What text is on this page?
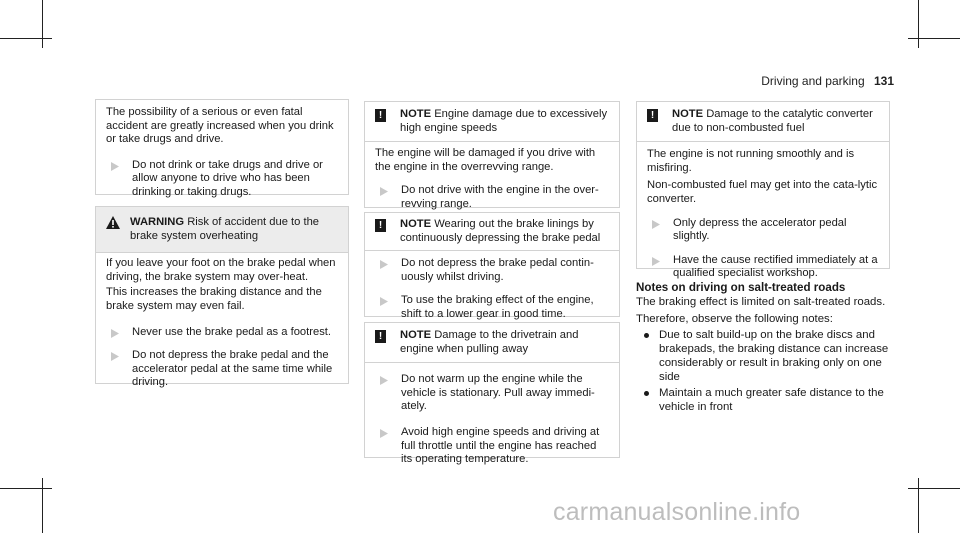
Driving and parking 131

The possibility of a serious or even fatal accident are greatly increased when you drink or take drugs and drive.

Do not drink or take drugs and drive or allow anyone to drive who has been drinking or taking drugs.
WARNING Risk of accident due to the brake system overheating

If you leave your foot on the brake pedal when driving, the brake system may over-heat.

This increases the braking distance and the brake system may even fail.

Never use the brake pedal as a footrest.
Do not depress the brake pedal and the accelerator pedal at the same time while driving.
!	NOTE Engine damage due to excessively high engine speeds

The engine will be damaged if you drive with the engine in the overrevving range.

Do not drive with the engine in the over-revving range.
!	NOTE Wearing out the brake linings by continuously depressing the brake pedal
Do not depress the brake pedal contin-uously whilst driving.
To use the braking effect of the engine, shift to a lower gear in good time.
!	NOTE Damage to the drivetrain and engine when pulling away
Do not warm up the engine while the vehicle is stationary. Pull away immedi-ately.
Avoid high engine speeds and driving at full throttle until the engine has reached its operating temperature.
!	NOTE Damage to the catalytic converter due to non-combusted fuel

The engine is not running smoothly and is misfiring.

Non-combusted fuel may get into the cata-lytic converter.

Only depress the accelerator pedal slightly.
Have the cause rectified immediately at a qualified specialist workshop.
Notes on driving on salt-treated roads

The braking effect is limited on salt-treated roads.

Therefore, observe the following notes:

Due to salt build-up on the brake discs and brakepads, the braking distance can increase considerably or result in braking only on one side
Maintain a much greater safe distance to the vehicle in front
carmanualsonline.info
